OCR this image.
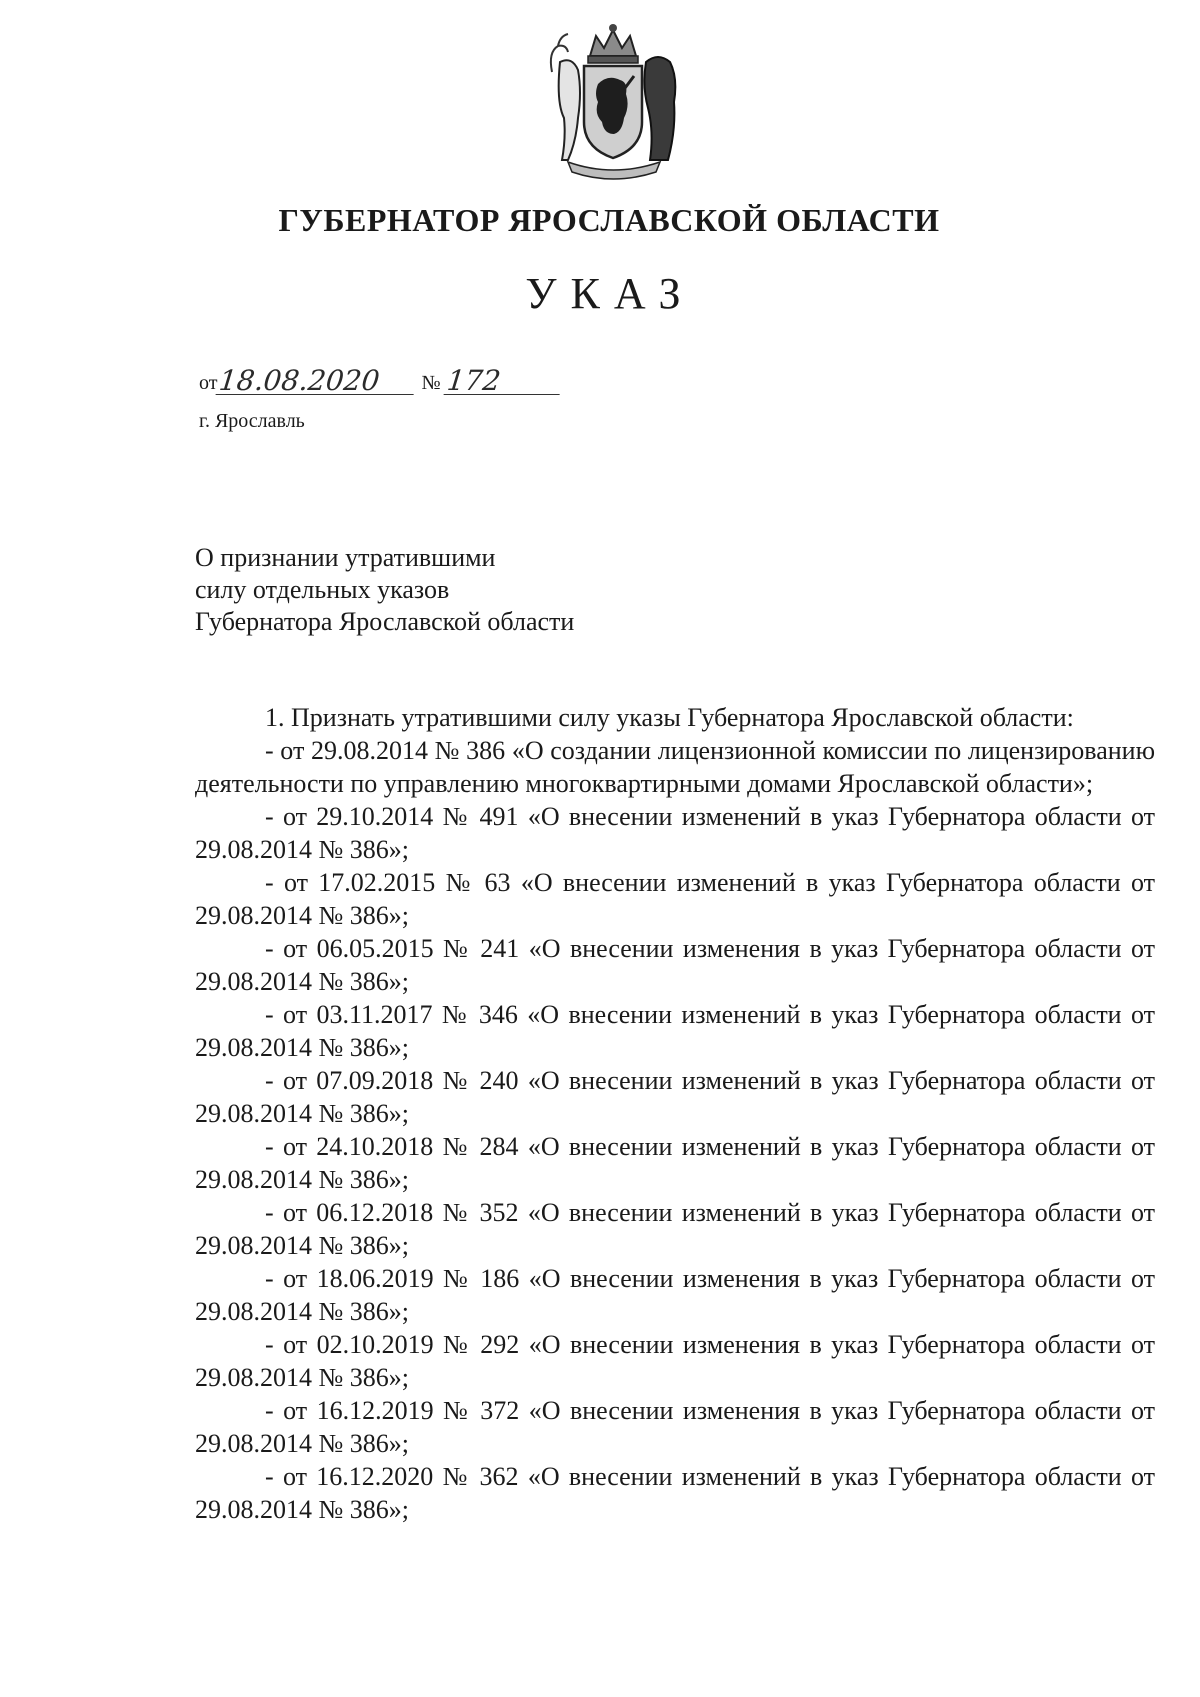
ГУБЕРНАТОР ЯРОСЛАВСКОЙ ОБЛАСТИ
УКАЗ
от 18.08.2020	№ 172
г. Ярославль
О признании утратившими
силу отдельных указов
Губернатора Ярославской области

1. Признать утратившими силу указы Губернатора Ярославской области:

- от 29.08.2014 № 386 «О создании лицензионной комиссии по лицензированию деятельности по управлению многоквартирными домами Ярославской области»;

- от 29.10.2014 № 491 «О внесении изменений в указ Губернатора области от 29.08.2014 № 386»;

- от 17.02.2015 № 63 «О внесении изменений в указ Губернатора области от 29.08.2014 № 386»;

- от 06.05.2015 № 241 «О внесении изменения в указ Губернатора области от 29.08.2014 № 386»;

- от 03.11.2017 № 346 «О внесении изменений в указ Губернатора области от 29.08.2014 № 386»;

- от 07.09.2018 № 240 «О внесении изменений в указ Губернатора области от 29.08.2014 № 386»;

- от 24.10.2018 № 284 «О внесении изменений в указ Губернатора области от 29.08.2014 № 386»;

- от 06.12.2018 № 352 «О внесении изменений в указ Губернатора области от 29.08.2014 № 386»;

- от 18.06.2019 № 186 «О внесении изменения в указ Губернатора области от 29.08.2014 № 386»;

- от 02.10.2019 № 292 «О внесении изменения в указ Губернатора области от 29.08.2014 № 386»;

- от 16.12.2019 № 372 «О внесении изменения в указ Губернатора области от 29.08.2014 № 386»;

- от 16.12.2020 № 362 «О внесении изменений в указ Губернатора области от 29.08.2014 № 386»;
